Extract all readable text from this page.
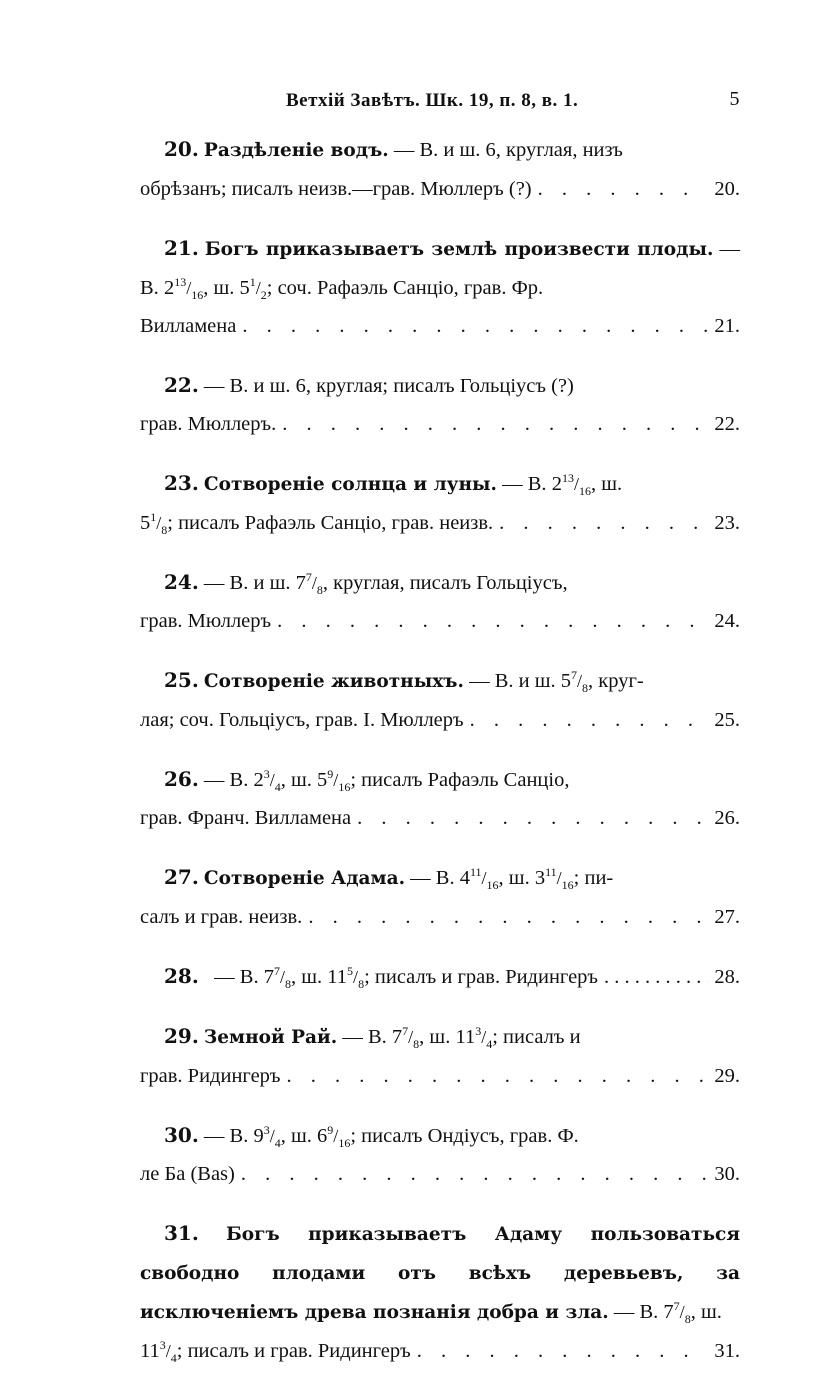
Ветхій Завѣтъ. Шк. 19, п. 8, в. 1.	5
20. Раздѣленіе водъ. — В. и ш. 6, круглая, низъ
обрѣзанъ; писалъ неизв.—грав. Мюллеръ (?) . . .	20.
21. Богъ приказываетъ землѣ произвести плоды. — В. $2^{13}/_{16}$, ш. $5^1/_2$; соч. Рафаэль Санціо, грав. Фр.
Вилламена . . .	21.
22. — В. и ш. 6, круглая; писалъ Гольціусъ (?)
грав. Мюллеръ. . . .	22.
23. Сотвореніе солнца и луны. — В. $2^{13}/_{16}$, ш.
$5^1/_8$ ; писалъ Рафаэль Санціо, грав. неизв. . . .	23.
24. — В. и ш. $7^7/_8$, круглая, писалъ Гольціусъ,
грав. Мюллеръ . . .	24.
25. Сотвореніе животныхъ. — В. и ш. $5^7/_8$, круг-
лая; соч. Гольціусъ, грав. І. Мюллеръ . . .	25.
26. — В. $2^3/_4$, ш. $5^9/_{16}$; писалъ Рафаэль Санціо,
грав. Франч. Вилламена . . .	26.
27. Сотвореніе Адама. — В. $4^{11}/_{16}$, ш. $3^{11}/_{16}$; пи-
салъ и грав. неизв. . . .	27.
28.
— В.
$7^7/_8$ , ш.
$11^5/_8$ ; писалъ и грав. Ридингеръ . . .	28.
29. Земной Рай. — В. $7^7/_8$, ш. $11^3/_4$; писалъ и
грав. Ридингеръ . . .	29.
30. — В. $9^3/_4$, ш. $6^9/_{16}$; писалъ Ондіусъ, грав. Ф.
ле Ба (Bas) . . .	30.
31. Богъ приказываетъ Адаму пользоваться свободно плодами отъ всѣхъ деревьевъ, за исключеніемъ древа познанія добра и зла. — В. $7^7/_8$, ш.
$11^3/_4$ ; писалъ и грав. Ридингеръ . . .	31.
